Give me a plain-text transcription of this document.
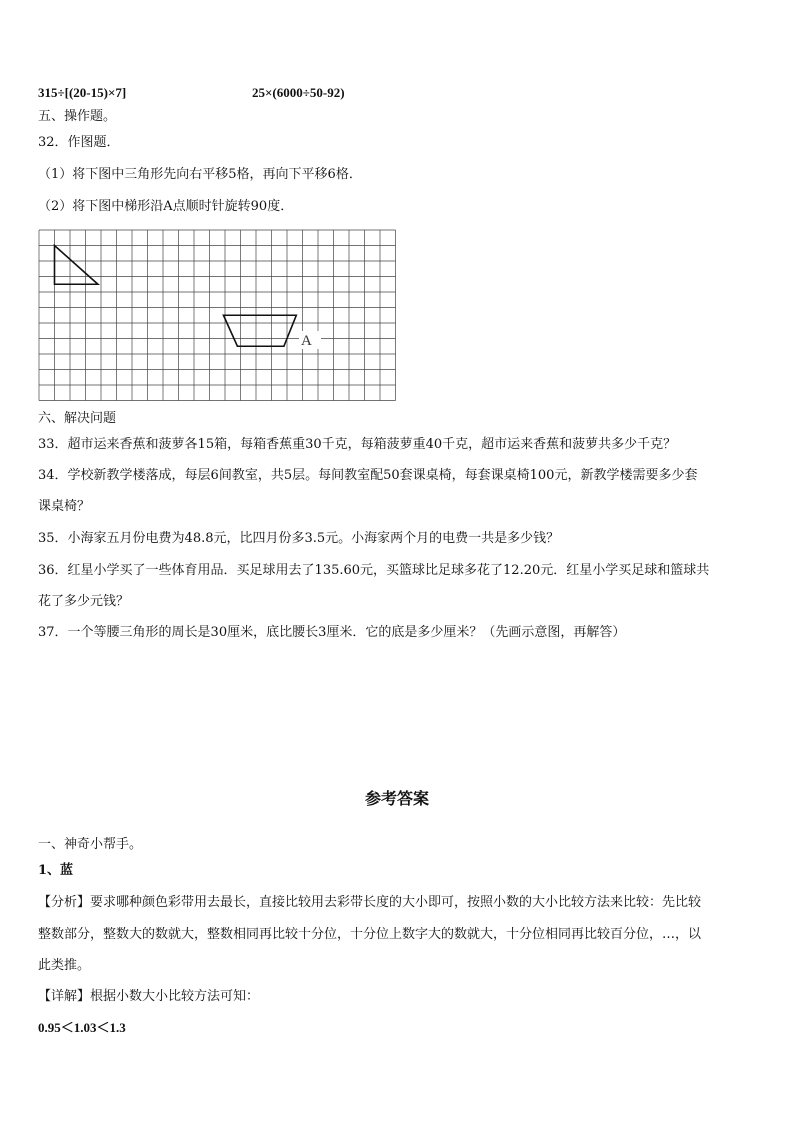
315÷[(20-15)×7]	25×(6000÷50-92)
五、操作题。
32．作图题．
（1）将下图中三角形先向右平移5格，再向下平移6格．
（2）将下图中梯形沿A点顺时针旋转90度．
A
六、解决问题
33．超市运来香蕉和菠萝各15箱，每箱香蕉重30千克，每箱菠萝重40千克，超市运来香蕉和菠萝共多少千克？
34．学校新教学楼落成，每层6间教室，共5层。每间教室配50套课桌椅，每套课桌椅100元，新教学楼需要多少套
课桌椅？
35．小海家五月份电费为48.8元，比四月份多3.5元。小海家两个月的电费一共是多少钱？
36．红星小学买了一些体育用品．买足球用去了135.60元，买篮球比足球多花了12.20元．红星小学买足球和篮球共
花了多少元钱？
37．一个等腰三角形的周长是30厘米，底比腰长3厘米．它的底是多少厘米？（先画示意图，再解答）
参考答案
一、神奇小帮手。
1、蓝
【分析】要求哪种颜色彩带用去最长，直接比较用去彩带长度的大小即可，按照小数的大小比较方法来比较：先比较
整数部分，整数大的数就大，整数相同再比较十分位，十分位上数字大的数就大，十分位相同再比较百分位，…，以
此类推。
【详解】根据小数大小比较方法可知：
0.95＜1.03＜1.3
